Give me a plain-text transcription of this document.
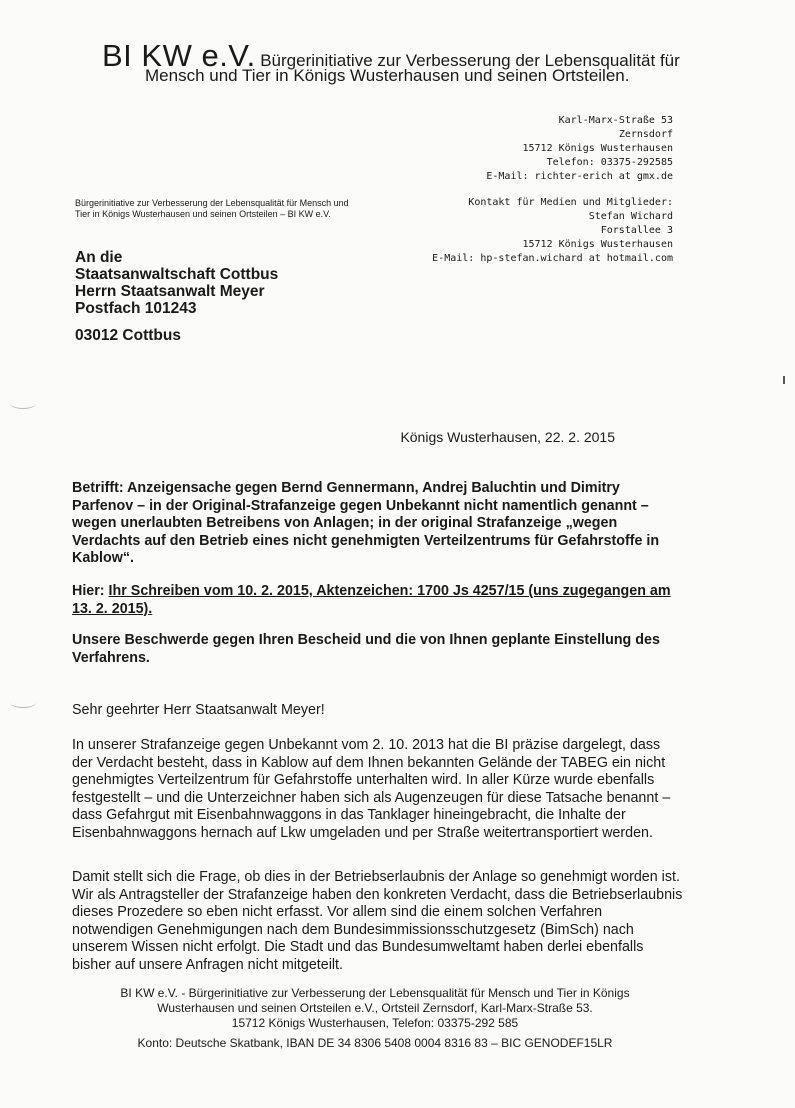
BI KW e.V. Bürgerinitiative zur Verbesserung der Lebensqualität für
Mensch und Tier in Königs Wusterhausen und seinen Ortsteilen.
Karl-Marx-Straße 53
Zernsdorf
15712 Königs Wusterhausen
Telefon: 03375-292585
E-Mail: richter-erich at gmx.de
Kontakt für Medien und Mitglieder:
Stefan Wichard
Forstallee 3
15712 Königs Wusterhausen
E-Mail: hp-stefan.wichard at hotmail.com
Bürgerinitiative zur Verbesserung der Lebensqualität für Mensch und
Tier in Königs Wusterhausen und seinen Ortsteilen – BI KW e.V.
An die
Staatsanwaltschaft Cottbus
Herrn Staatsanwalt Meyer
Postfach 101243
03012 Cottbus
Königs Wusterhausen, 22. 2. 2015
Betrifft: Anzeigensache gegen Bernd Gennermann, Andrej Baluchtin und Dimitry Parfenov – in der Original-Strafanzeige gegen Unbekannt nicht namentlich genannt – wegen unerlaubten Betreibens von Anlagen; in der original Strafanzeige „wegen Verdachts auf den Betrieb eines nicht genehmigten Verteilzentrums für Gefahrstoffe in Kablow“.
Hier: Ihr Schreiben vom 10. 2. 2015, Aktenzeichen: 1700 Js 4257/15 (uns zugegangen am 13. 2. 2015).
Unsere Beschwerde gegen Ihren Bescheid und die von Ihnen geplante Einstellung des Verfahrens.
Sehr geehrter Herr Staatsanwalt Meyer!
In unserer Strafanzeige gegen Unbekannt vom 2. 10. 2013 hat die BI präzise dargelegt, dass der Verdacht besteht, dass in Kablow auf dem Ihnen bekannten Gelände der TABEG ein nicht genehmigtes Verteilzentrum für Gefahrstoffe unterhalten wird. In aller Kürze wurde ebenfalls festgestellt – und die Unterzeichner haben sich als Augenzeugen für diese Tatsache benannt – dass Gefahrgut mit Eisenbahnwaggons in das Tanklager hineingebracht, die Inhalte der Eisenbahnwaggons hernach auf Lkw umgeladen und per Straße weitertransportiert werden.
Damit stellt sich die Frage, ob dies in der Betriebserlaubnis der Anlage so genehmigt worden ist. Wir als Antragsteller der Strafanzeige haben den konkreten Verdacht, dass die Betriebserlaubnis dieses Prozedere so eben nicht erfasst. Vor allem sind die einem solchen Verfahren notwendigen Genehmigungen nach dem Bundesimmissionsschutzgesetz (BimSch) nach unserem Wissen nicht erfolgt. Die Stadt und das Bundesumweltamt haben derlei ebenfalls bisher auf unsere Anfragen nicht mitgeteilt.
BI KW e.V. - Bürgerinitiative zur Verbesserung der Lebensqualität für Mensch und Tier in Königs
Wusterhausen und seinen Ortsteilen e.V., Ortsteil Zernsdorf, Karl-Marx-Straße 53.
15712 Königs Wusterhausen, Telefon: 03375-292 585
Konto: Deutsche Skatbank, IBAN DE 34 8306 5408 0004 8316 83 – BIC GENODEF15LR
